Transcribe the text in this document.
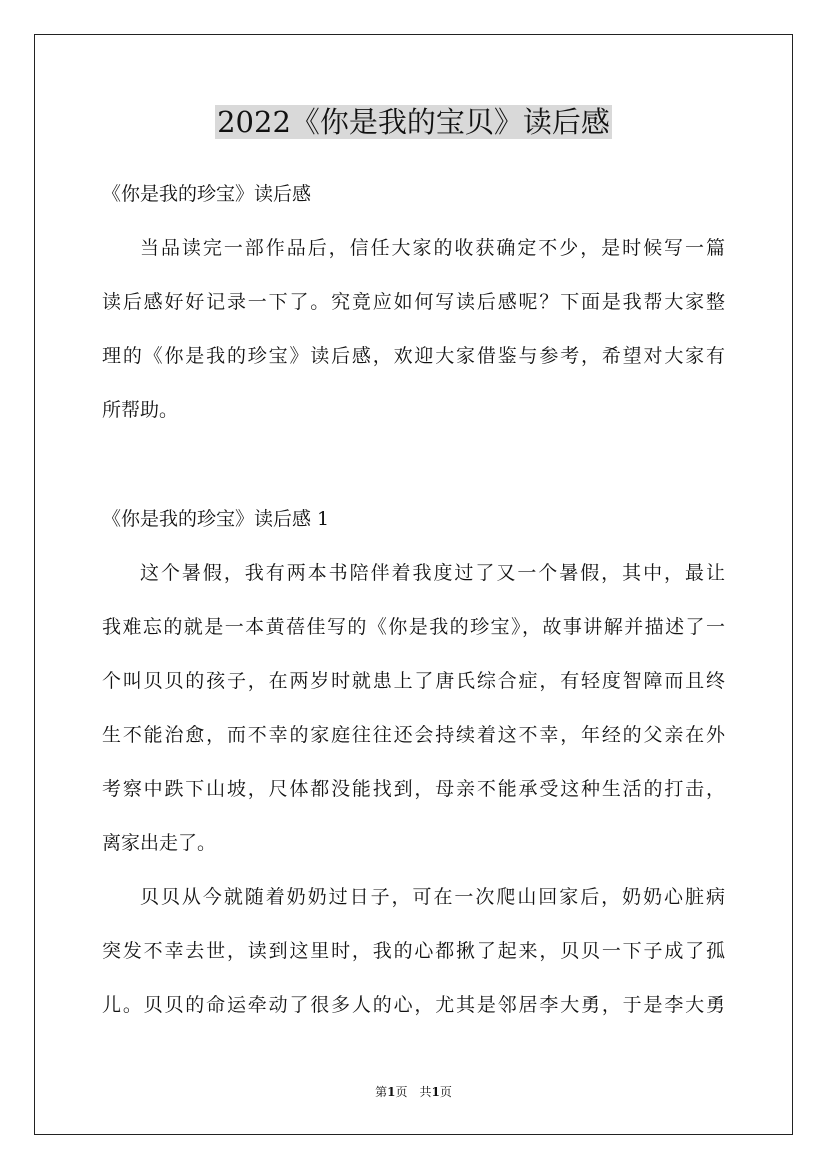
2022《你是我的宝贝》读后感
《你是我的珍宝》读后感
当品读完一部作品后，信任大家的收获确定不少，是时候写一篇
读后感好好记录一下了。究竟应如何写读后感呢？下面是我帮大家整
理的《你是我的珍宝》读后感，欢迎大家借鉴与参考，希望对大家有
所帮助。
《你是我的珍宝》读后感 1
这个暑假，我有两本书陪伴着我度过了又一个暑假，其中，最让
我难忘的就是一本黄蓓佳写的《你是我的珍宝》，故事讲解并描述了一
个叫贝贝的孩子，在两岁时就患上了唐氏综合症，有轻度智障而且终
生不能治愈，而不幸的家庭往往还会持续着这不幸，年经的父亲在外
考察中跌下山坡，尺体都没能找到，母亲不能承受这种生活的打击，
离家出走了。
贝贝从今就随着奶奶过日子，可在一次爬山回家后，奶奶心脏病
突发不幸去世，读到这里时，我的心都揪了起来，贝贝一下子成了孤
儿。贝贝的命运牵动了很多人的心，尤其是邻居李大勇，于是李大勇
第1页　共1页
